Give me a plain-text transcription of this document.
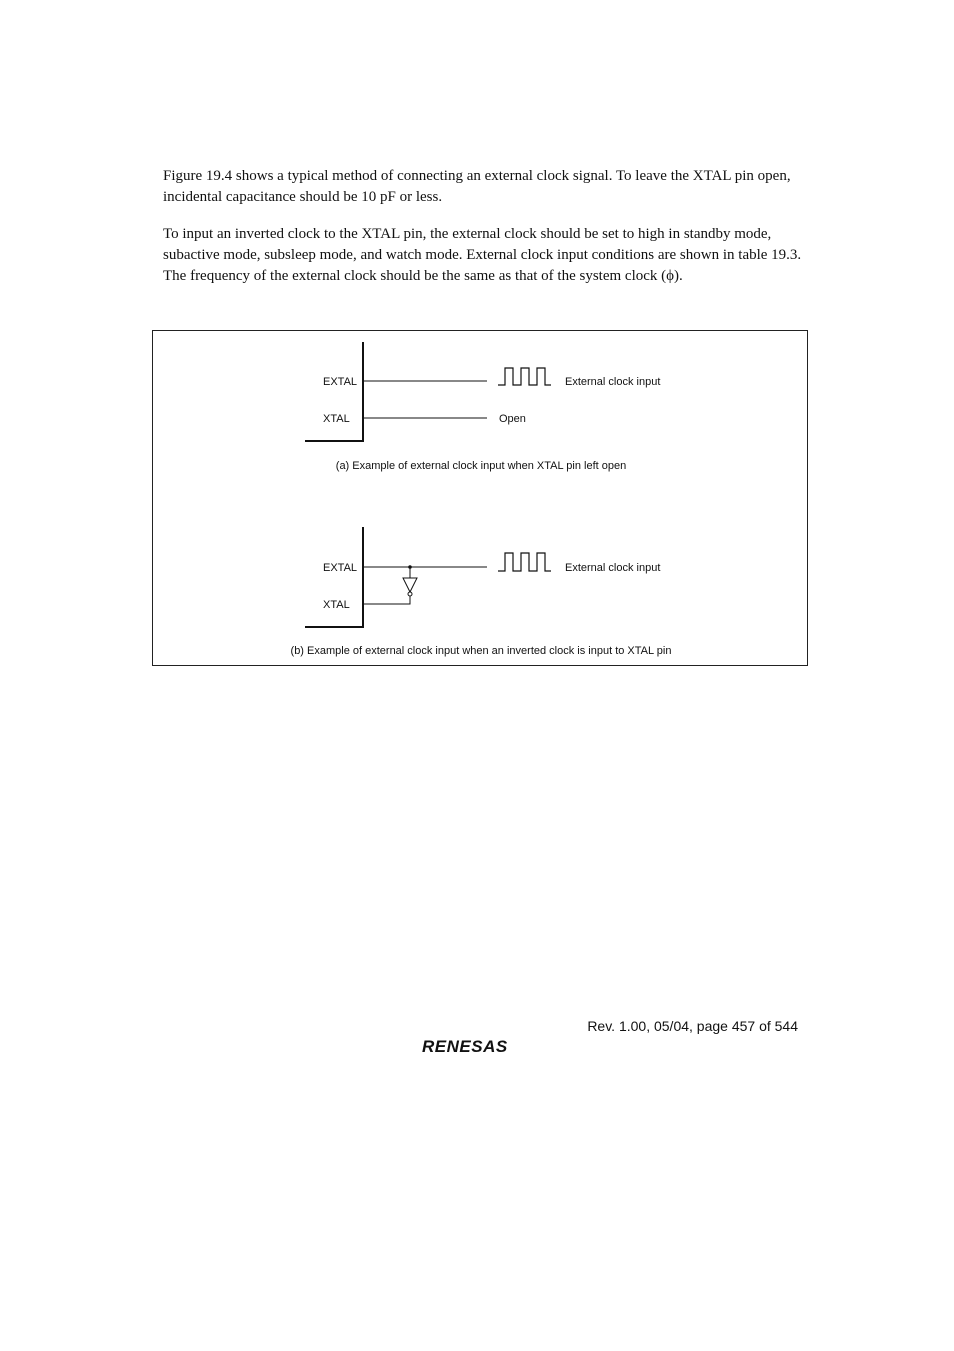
Figure 19.4 shows a typical method of connecting an external clock signal. To leave the XTAL pin open, incidental capacitance should be 10 pF or less.

To input an inverted clock to the XTAL pin, the external clock should be set to high in standby mode, subactive mode, subsleep mode, and watch mode. External clock input conditions are shown in table 19.3. The frequency of the external clock should be the same as that of the system clock (ϕ).

EXTAL
XTAL
External clock input
Open
(a) Example of external clock input when XTAL pin left open
EXTAL
XTAL
External clock input
(b) Example of external clock input when an inverted clock is input to XTAL pin
Rev. 1.00, 05/04, page 457 of 544
RENESAS
